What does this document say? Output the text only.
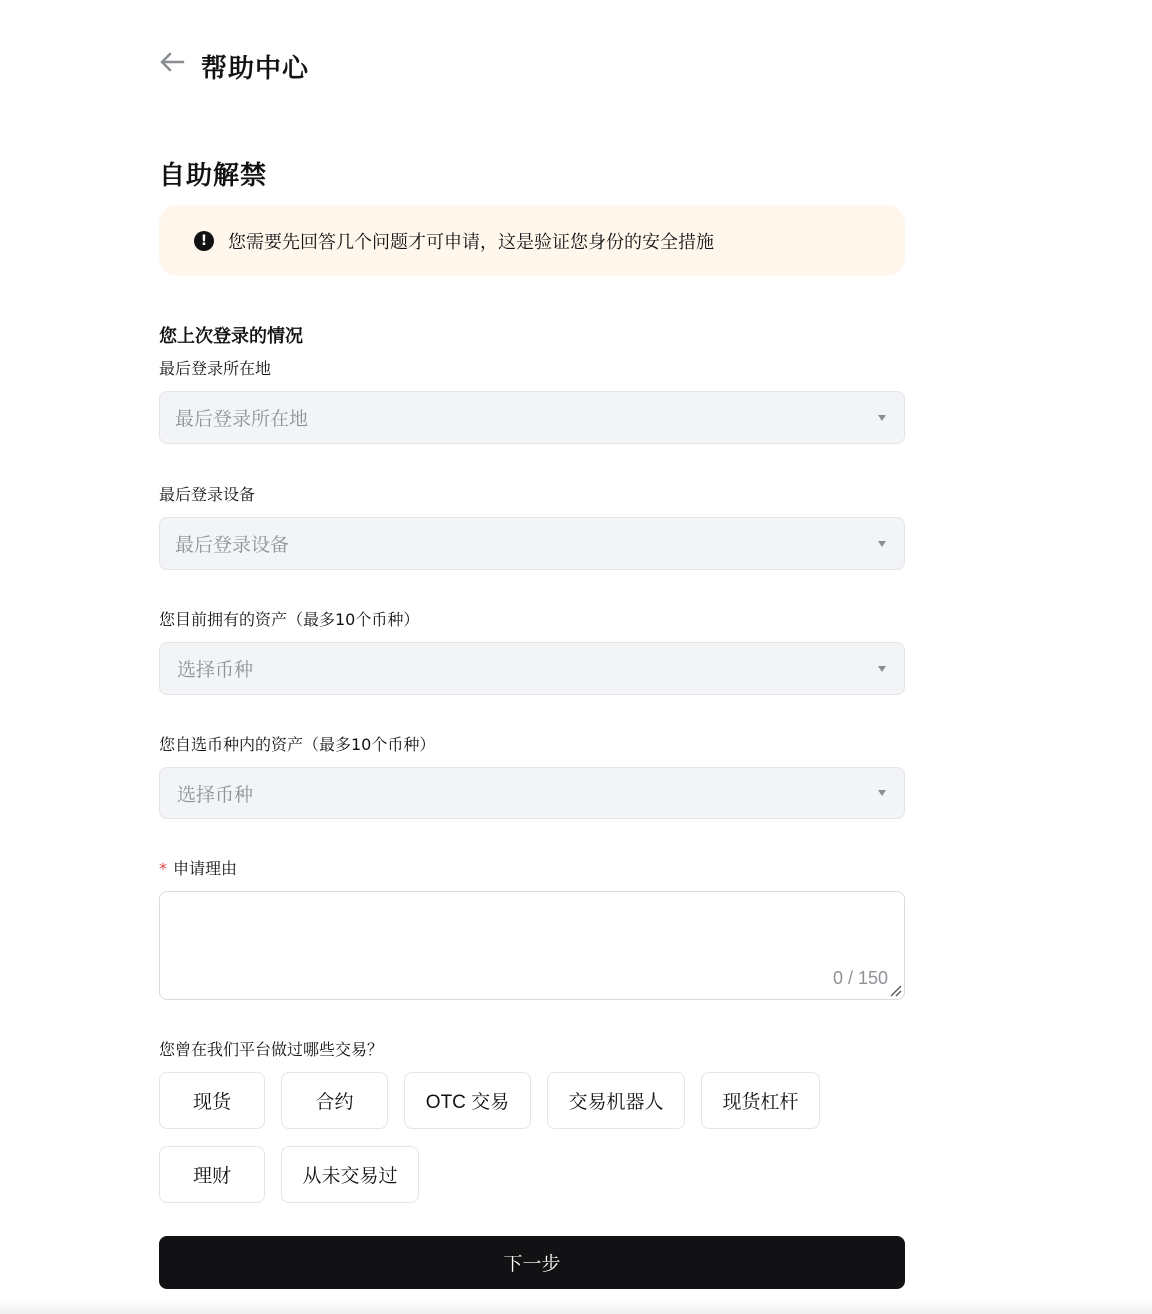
帮助中心
自助解禁
!	您需要先回答几个问题才可申请，这是验证您身份的安全措施
您上次登录的情况
最后登录所在地
最后登录所在地
最后登录设备
最后登录设备
您目前拥有的资产（最多10个币种）
选择币种
您自选币种内的资产（最多10个币种）
选择币种
* 申请理由
0 / 150
您曾在我们平台做过哪些交易？
现货	合约	OTC 交易	交易机器人	现货杠杆
理财	从未交易过
下一步
